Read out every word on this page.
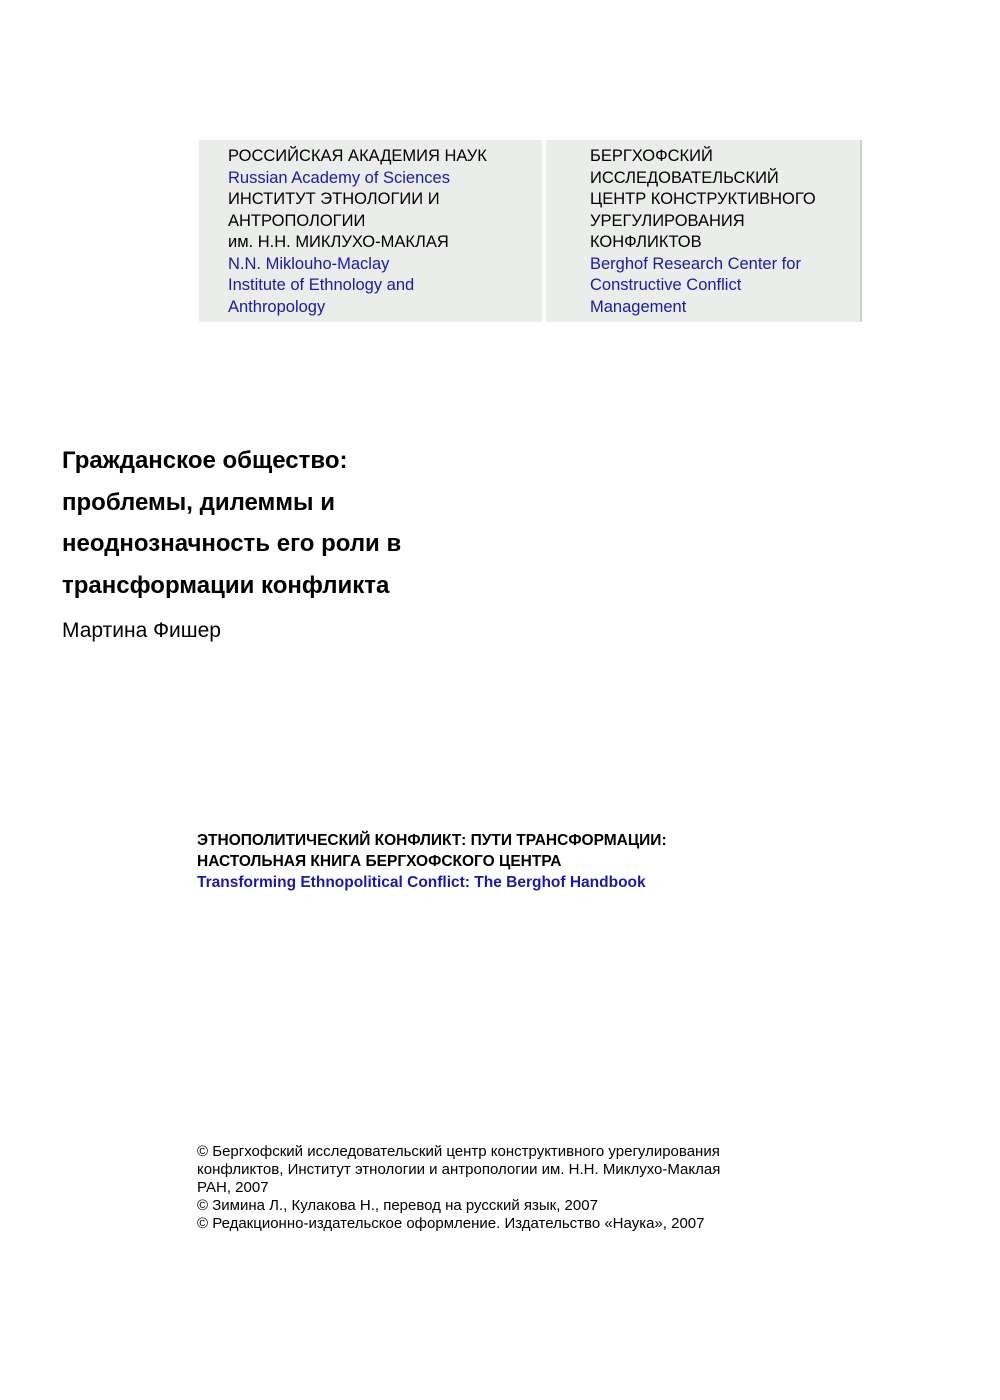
РОССИЙСКАЯ АКАДЕМИЯ НАУК
Russian Academy of Sciences
ИНСТИТУТ ЭТНОЛОГИИ И
АНТРОПОЛОГИИ
им. Н.Н. МИКЛУХО-МАКЛАЯ
N.N. Miklouho-Maclay
Institute of Ethnology and
Anthropology
БЕРГХОФСКИЙ
ИССЛЕДОВАТЕЛЬСКИЙ
ЦЕНТР КОНСТРУКТИВНОГО
УРЕГУЛИРОВАНИЯ
КОНФЛИКТОВ
Berghof Research Center for
Constructive Conflict
Management
Гражданское общество:
проблемы, дилеммы и
неоднозначность его роли в
трансформации конфликта
Мартина Фишер
ЭТНОПОЛИТИЧЕСКИЙ КОНФЛИКТ: ПУТИ ТРАНСФОРМАЦИИ:
НАСТОЛЬНАЯ КНИГА БЕРГХОФСКОГО ЦЕНТРА
Transforming Ethnopolitical Conflict: The Berghof Handbook
© Бергхофский исследовательский центр конструктивного урегулирования
конфликтов, Институт этнологии и антропологии им. Н.Н. Миклухо-Маклая
РАН, 2007
© Зимина Л., Кулакова Н., перевод на русский язык, 2007
© Редакционно-издательское оформление. Издательство «Наука», 2007
